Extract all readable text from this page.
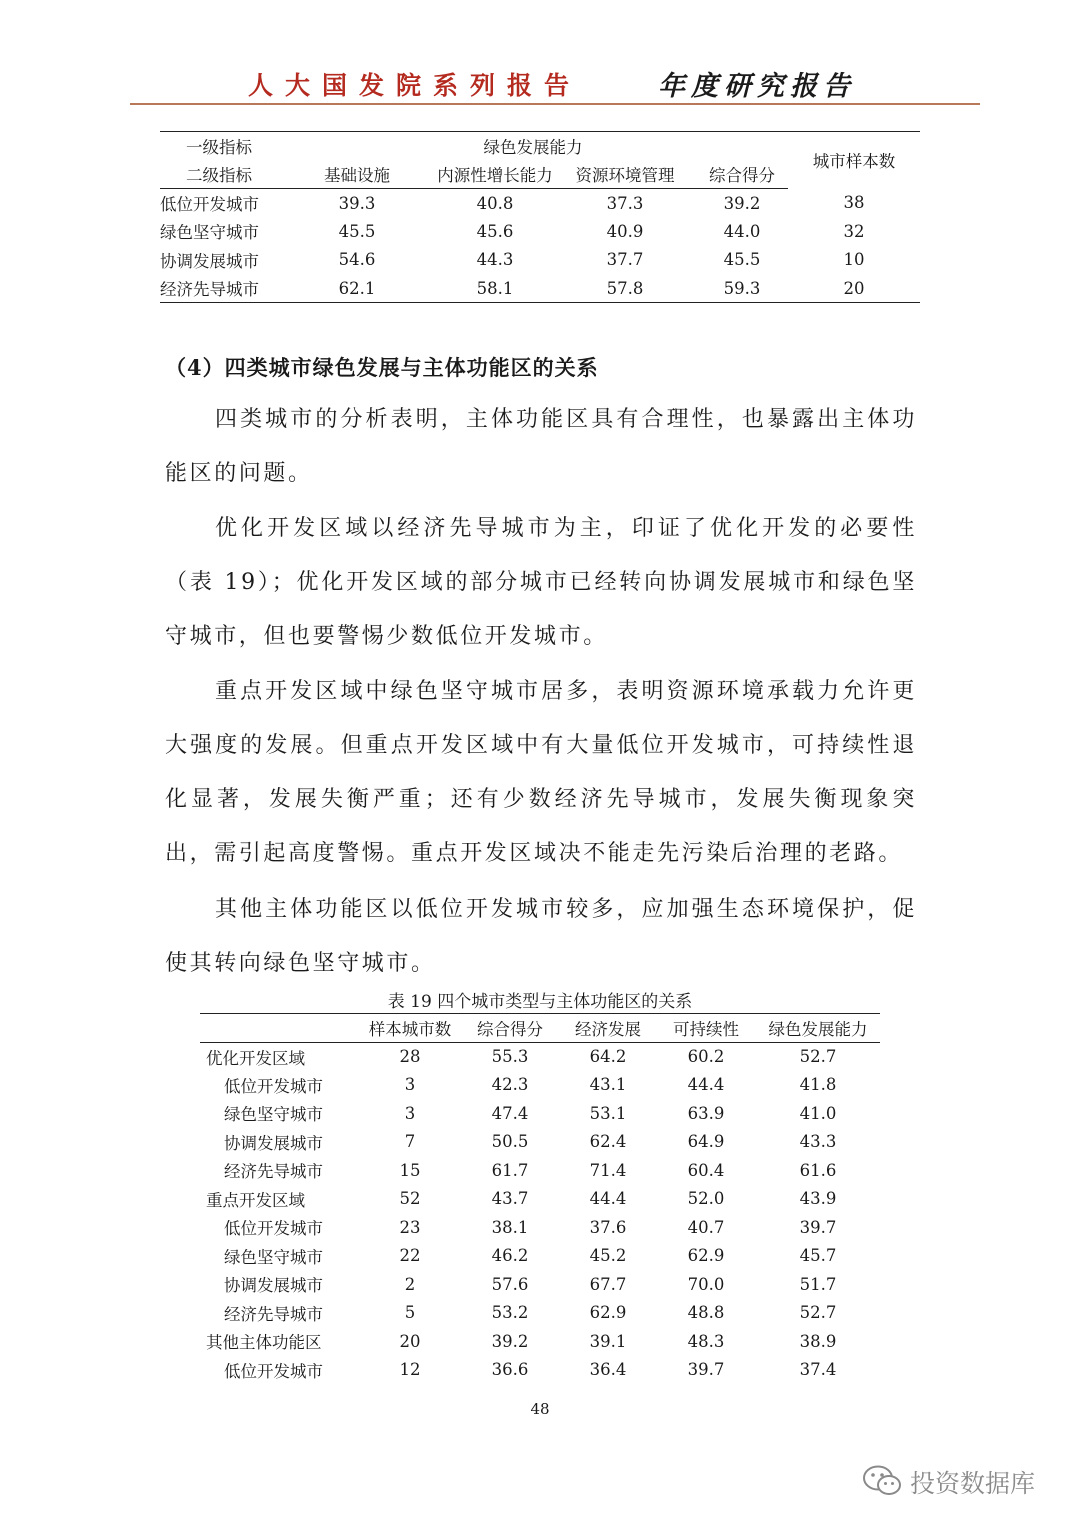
人大国发院系列报告	年度研究报告
一级指标	绿色发展能力				城市样本数
二级指标	基础设施	内源性增长能力	资源环境管理	综合得分	
低位开发城市	39.3	40.8	37.3	39.2	38
绿色坚守城市	45.5	45.6	40.9	44.0	32
协调发展城市	54.6	44.3	37.7	45.5	10
经济先导城市	62.1	58.1	57.8	59.3	20
（4）四类城市绿色发展与主体功能区的关系

四类城市的分析表明，主体功能区具有合理性，也暴露出主体功能区的问题。

优化开发区域以经济先导城市为主，印证了优化开发的必要性（表 19）；优化开发区域的部分城市已经转向协调发展城市和绿色坚守城市，但也要警惕少数低位开发城市。

重点开发区域中绿色坚守城市居多，表明资源环境承载力允许更大强度的发展。但重点开发区域中有大量低位开发城市，可持续性退化显著，发展失衡严重；还有少数经济先导城市，发展失衡现象突出，需引起高度警惕。重点开发区域决不能走先污染后治理的老路。

其他主体功能区以低位开发城市较多，应加强生态环境保护，促使其转向绿色坚守城市。

表 19 四个城市类型与主体功能区的关系
	样本城市数	综合得分	经济发展	可持续性	绿色发展能力
优化开发区域	28	55.3	64.2	60.2	52.7
低位开发城市	3	42.3	43.1	44.4	41.8
绿色坚守城市	3	47.4	53.1	63.9	41.0
协调发展城市	7	50.5	62.4	64.9	43.3
经济先导城市	15	61.7	71.4	60.4	61.6
重点开发区域	52	43.7	44.4	52.0	43.9
低位开发城市	23	38.1	37.6	40.7	39.7
绿色坚守城市	22	46.2	45.2	62.9	45.7
协调发展城市	2	57.6	67.7	70.0	51.7
经济先导城市	5	53.2	62.9	48.8	52.7
其他主体功能区	20	39.2	39.1	48.3	38.9
低位开发城市	12	36.6	36.4	39.7	37.4
48
投资数据库
